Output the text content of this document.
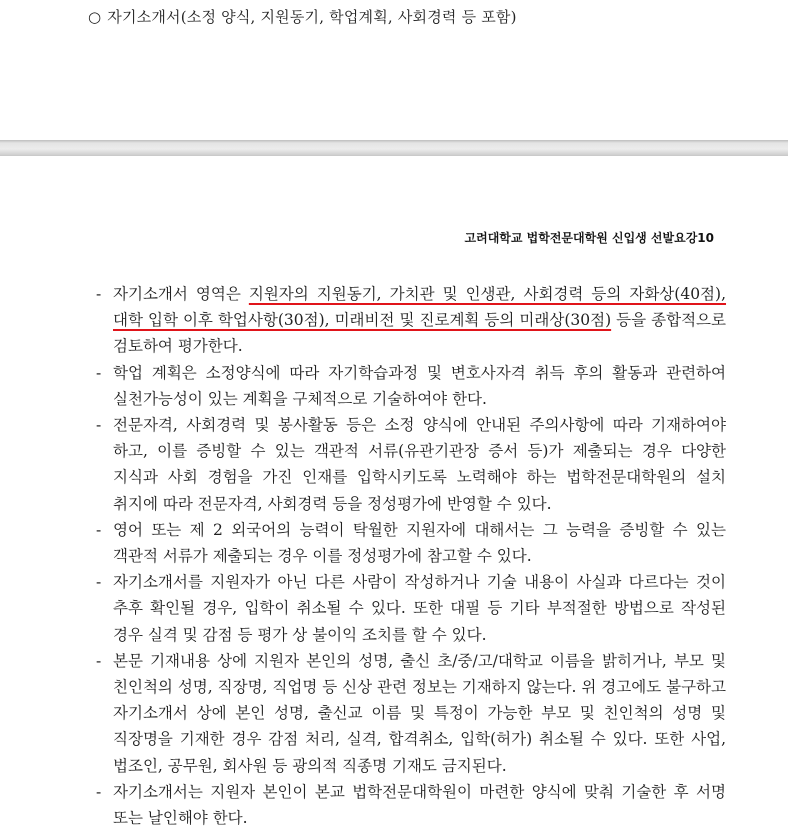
○ 자기소개서(소정 양식, 지원동기, 학업계획, 사회경력 등 포함)
고려대학교 법학전문대학원 신입생 선발요강10
- 자기소개서 영역은 지원자의 지원동기, 가치관 및 인생관, 사회경력 등의 자화상(40점), 대학 입학 이후 학업사항(30점), 미래비전 및 진로계획 등의 미래상(30점) 등을 종합적으로 검토하여 평가한다.
- 학업 계획은 소정양식에 따라 자기학습과정 및 변호사자격 취득 후의 활동과 관련하여 실천가능성이 있는 계획을 구체적으로 기술하여야 한다.
- 전문자격, 사회경력 및 봉사활동 등은 소정 양식에 안내된 주의사항에 따라 기재하여야 하고, 이를 증빙할 수 있는 객관적 서류(유관기관장 증서 등)가 제출되는 경우 다양한 지식과 사회 경험을 가진 인재를 입학시키도록 노력해야 하는 법학전문대학원의 설치 취지에 따라 전문자격, 사회경력 등을 정성평가에 반영할 수 있다.
- 영어 또는 제 2 외국어의 능력이 탁월한 지원자에 대해서는 그 능력을 증빙할 수 있는 객관적 서류가 제출되는 경우 이를 정성평가에 참고할 수 있다.
- 자기소개서를 지원자가 아닌 다른 사람이 작성하거나 기술 내용이 사실과 다르다는 것이 추후 확인될 경우, 입학이 취소될 수 있다. 또한 대필 등 기타 부적절한 방법으로 작성된 경우 실격 및 감점 등 평가 상 불이익 조치를 할 수 있다.
- 본문 기재내용 상에 지원자 본인의 성명, 출신 초/중/고/대학교 이름을 밝히거나, 부모 및 친인척의 성명, 직장명, 직업명 등 신상 관련 정보는 기재하지 않는다. 위 경고에도 불구하고 자기소개서 상에 본인 성명, 출신교 이름 및 특정이 가능한 부모 및 친인척의 성명 및 직장명을 기재한 경우 감점 처리, 실격, 합격취소, 입학(허가) 취소될 수 있다. 또한 사업, 법조인, 공무원, 회사원 등 광의적 직종명 기재도 금지된다.
- 자기소개서는 지원자 본인이 본교 법학전문대학원이 마련한 양식에 맞춰 기술한 후 서명 또는 날인해야 한다.
